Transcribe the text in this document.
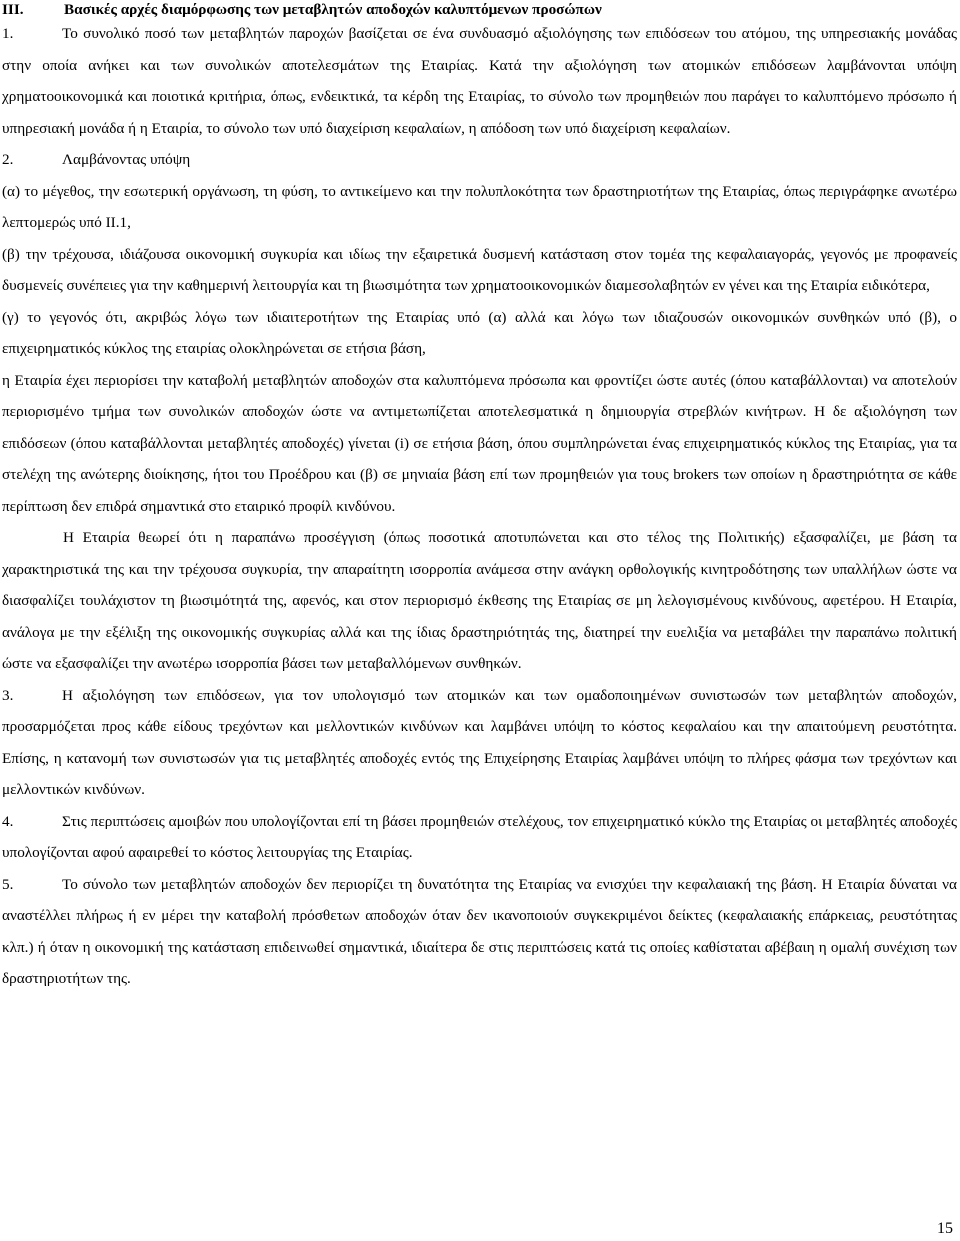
III.	Βασικές αρχές διαμόρφωσης των μεταβλητών αποδοχών καλυπτόμενων προσώπων

1.	Το συνολικό ποσό των μεταβλητών παροχών βασίζεται σε ένα συνδυασμό αξιολόγησης των επιδόσεων του ατόμου, της υπηρεσιακής μονάδας στην οποία ανήκει και των συνολικών αποτελεσμάτων της Εταιρίας. Κατά την αξιολόγηση των ατομικών επιδόσεων λαμβάνονται υπόψη χρηματοοικονομικά και ποιοτικά κριτήρια, όπως, ενδεικτικά, τα κέρδη της Εταιρίας, το σύνολο των προμηθειών που παράγει το καλυπτόμενο πρόσωπο ή υπηρεσιακή μονάδα ή η Εταιρία, το σύνολο των υπό διαχείριση κεφαλαίων, η απόδοση των υπό διαχείριση κεφαλαίων.

2.	Λαμβάνοντας υπόψη

(α) το μέγεθος, την εσωτερική οργάνωση, τη φύση, το αντικείμενο και την πολυπλοκότητα των δραστηριοτήτων της Εταιρίας, όπως περιγράφηκε ανωτέρω λεπτομερώς υπό ΙΙ.1,

(β) την τρέχουσα, ιδιάζουσα οικονομική συγκυρία και ιδίως την εξαιρετικά δυσμενή κατάσταση στον τομέα της κεφαλαιαγοράς, γεγονός με προφανείς δυσμενείς συνέπειες για την καθημερινή λειτουργία και τη βιωσιμότητα των χρηματοοικονομικών διαμεσολαβητών εν γένει και της Εταιρία ειδικότερα,

(γ) το γεγονός ότι, ακριβώς λόγω των ιδιαιτεροτήτων της Εταιρίας υπό (α) αλλά και λόγω των ιδιαζουσών οικονομικών συνθηκών υπό (β), ο επιχειρηματικός κύκλος της εταιρίας ολοκληρώνεται σε ετήσια βάση,

η Εταιρία έχει περιορίσει την καταβολή μεταβλητών αποδοχών στα καλυπτόμενα πρόσωπα και φροντίζει ώστε αυτές (όπου καταβάλλονται) να αποτελούν περιορισμένο τμήμα των συνολικών αποδοχών ώστε να αντιμετωπίζεται αποτελεσματικά η δημιουργία στρεβλών κινήτρων. Η δε αξιολόγηση των επιδόσεων (όπου καταβάλλονται μεταβλητές αποδοχές) γίνεται (i) σε ετήσια βάση, όπου συμπληρώνεται ένας επιχειρηματικός κύκλος της Εταιρίας, για τα στελέχη της ανώτερης διοίκησης, ήτοι του Προέδρου και (β) σε μηνιαία βάση επί των προμηθειών για τους brokers των οποίων η δραστηριότητα σε κάθε περίπτωση δεν επιδρά σημαντικά στο εταιρικό προφίλ κινδύνου.

Η Εταιρία θεωρεί ότι η παραπάνω προσέγγιση (όπως ποσοτικά αποτυπώνεται και στο τέλος της Πολιτικής) εξασφαλίζει, με βάση τα χαρακτηριστικά της και την τρέχουσα συγκυρία, την απαραίτητη ισορροπία ανάμεσα στην ανάγκη ορθολογικής κινητροδότησης των υπαλλήλων ώστε να διασφαλίζει τουλάχιστον τη βιωσιμότητά της, αφενός, και στον περιορισμό έκθεσης της Εταιρίας σε μη λελογισμένους κινδύνους, αφετέρου. Η Εταιρία, ανάλογα με την εξέλιξη της οικονομικής συγκυρίας αλλά και της ίδιας δραστηριότητάς της, διατηρεί την ευελιξία να μεταβάλει την παραπάνω πολιτική ώστε να εξασφαλίζει την ανωτέρω ισορροπία βάσει των μεταβαλλόμενων συνθηκών.

3.	Η αξιολόγηση των επιδόσεων, για τον υπολογισμό των ατομικών και των ομαδοποιημένων συνιστωσών των μεταβλητών αποδοχών, προσαρμόζεται προς κάθε είδους τρεχόντων και μελλοντικών κινδύνων και λαμβάνει υπόψη το κόστος κεφαλαίου και την απαιτούμενη ρευστότητα. Επίσης, η κατανομή των συνιστωσών για τις μεταβλητές αποδοχές εντός της Επιχείρησης Εταιρίας λαμβάνει υπόψη το πλήρες φάσμα των τρεχόντων και μελλοντικών κινδύνων.

4.	Στις περιπτώσεις αμοιβών που υπολογίζονται επί τη βάσει προμηθειών στελέχους, τον επιχειρηματικό κύκλο της Εταιρίας οι μεταβλητές αποδοχές υπολογίζονται αφού αφαιρεθεί το κόστος λειτουργίας της Εταιρίας.

5.	Το σύνολο των μεταβλητών αποδοχών δεν περιορίζει τη δυνατότητα της Εταιρίας να ενισχύει την κεφαλαιακή της βάση. Η Εταιρία δύναται να αναστέλλει πλήρως ή εν μέρει την καταβολή πρόσθετων αποδοχών όταν δεν ικανοποιούν συγκεκριμένοι δείκτες (κεφαλαιακής επάρκειας, ρευστότητας κλπ.) ή όταν η οικονομική της κατάσταση επιδεινωθεί σημαντικά, ιδιαίτερα δε στις περιπτώσεις κατά τις οποίες καθίσταται αβέβαιη η ομαλή συνέχιση των δραστηριοτήτων της.

15
